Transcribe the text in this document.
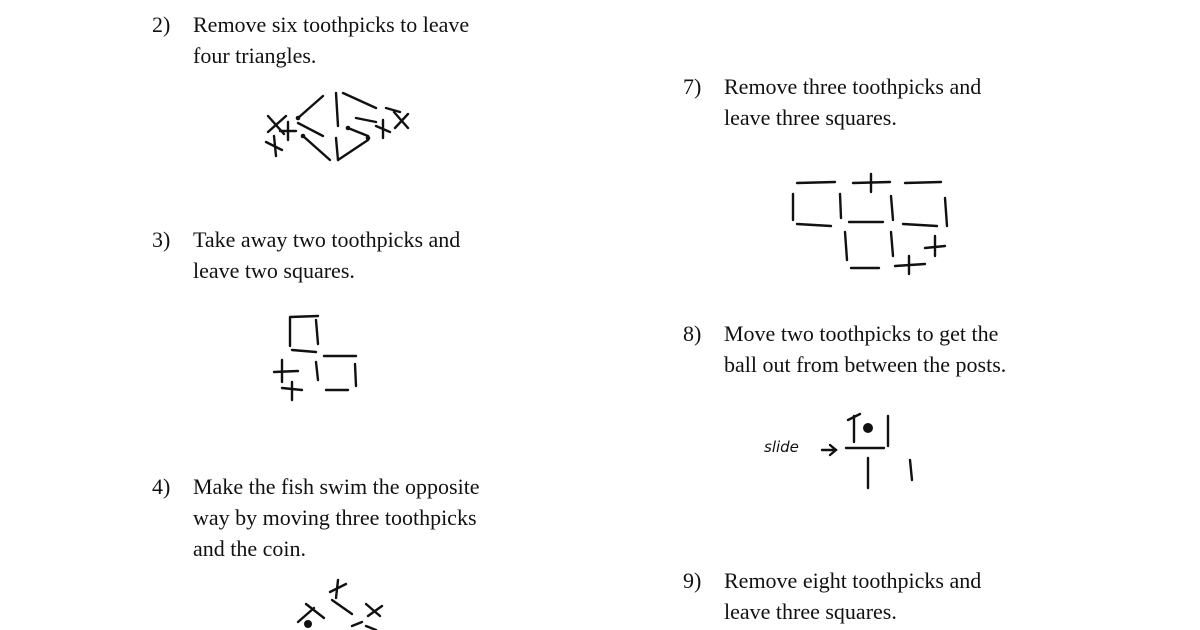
2) Remove six toothpicks to leave
four triangles.
3) Take away two toothpicks and
leave two squares.
4) Make the fish swim the opposite
way by moving three toothpicks
and the coin.
7) Remove three toothpicks and
leave three squares.
8) Move two toothpicks to get the
ball out from between the posts.
slide
9) Remove eight toothpicks and
leave three squares.
